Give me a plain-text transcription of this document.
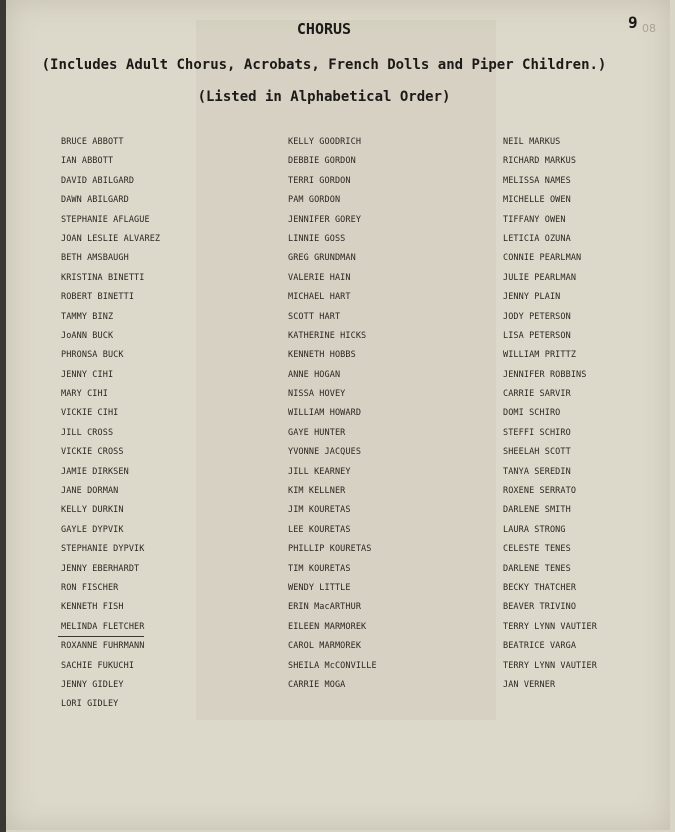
CHORUS
(Includes Adult Chorus, Acrobats, French Dolls and Piper Children.)
(Listed in Alphabetical Order)
9 08
BRUCE ABBOTT
IAN ABBOTT
DAVID ABILGARD
DAWN ABILGARD
STEPHANIE AFLAGUE
JOAN LESLIE ALVAREZ
BETH AMSBAUGH
KRISTINA BINETTI
ROBERT BINETTI
TAMMY BINZ
JoANN BUCK
PHRONSA BUCK
JENNY CIHI
MARY CIHI
VICKIE CIHI
JILL CROSS
VICKIE CROSS
JAMIE DIRKSEN
JANE DORMAN
KELLY DURKIN
GAYLE DYPVIK
STEPHANIE DYPVIK
JENNY EBERHARDT
RON FISCHER
KENNETH FISH
MELINDA FLETCHER
ROXANNE FUHRMANN
SACHIE FUKUCHI
JENNY GIDLEY
LORI GIDLEY
KELLY GOODRICH
DEBBIE GORDON
TERRI GORDON
PAM GORDON
JENNIFER GOREY
LINNIE GOSS
GREG GRUNDMAN
VALERIE HAIN
MICHAEL HART
SCOTT HART
KATHERINE HICKS
KENNETH HOBBS
ANNE HOGAN
NISSA HOVEY
WILLIAM HOWARD
GAYE HUNTER
YVONNE JACQUES
JILL KEARNEY
KIM KELLNER
JIM KOURETAS
LEE KOURETAS
PHILLIP KOURETAS
TIM KOURETAS
WENDY LITTLE
ERIN MacARTHUR
EILEEN MARMOREK
CAROL MARMOREK
SHEILA McCONVILLE
CARRIE MOGA
NEIL MARKUS
RICHARD MARKUS
MELISSA NAMES
MICHELLE OWEN
TIFFANY OWEN
LETICIA OZUNA
CONNIE PEARLMAN
JULIE PEARLMAN
JENNY PLAIN
JODY PETERSON
LISA PETERSON
WILLIAM PRITTZ
JENNIFER ROBBINS
CARRIE SARVIR
DOMI SCHIRO
STEFFI SCHIRO
SHEELAH SCOTT
TANYA SEREDIN
ROXENE SERRATO
DARLENE SMITH
LAURA STRONG
CELESTE TENES
DARLENE TENES
BECKY THATCHER
BEAVER TRIVINO
TERRY LYNN VAUTIER
BEATRICE VARGA
TERRY LYNN VAUTIER
JAN VERNER
